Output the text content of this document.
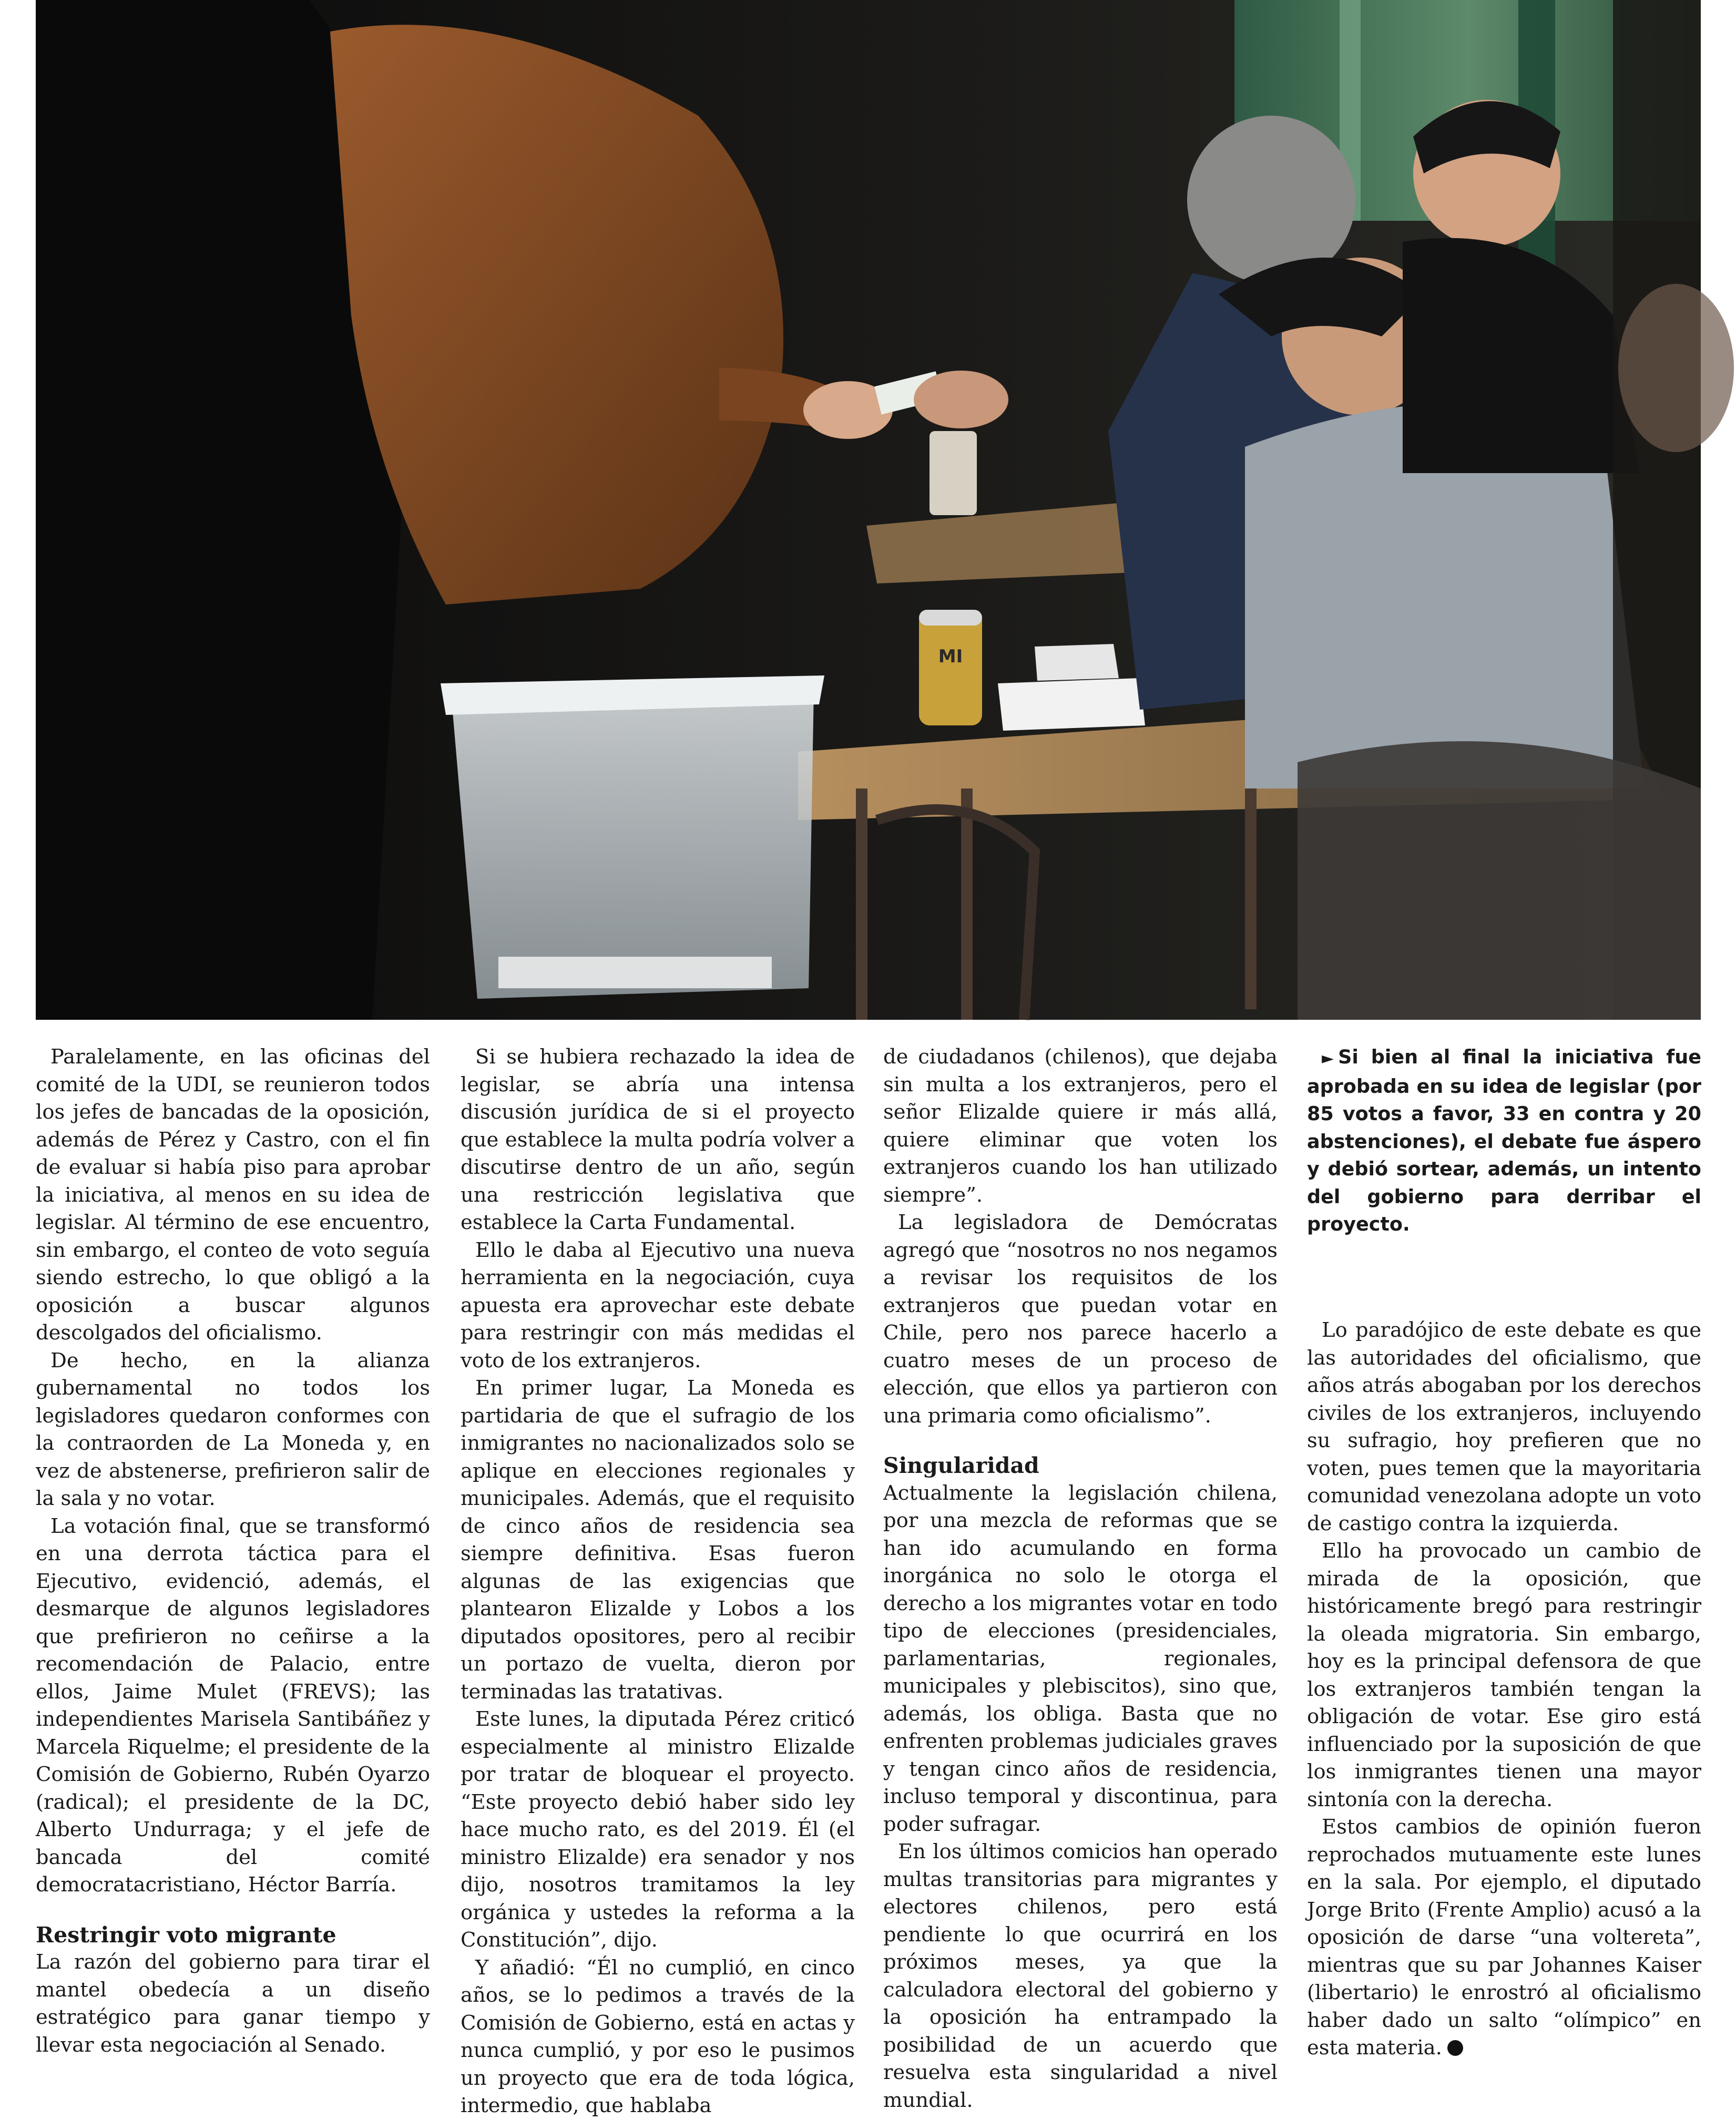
MI

Paralelamente, en las oficinas del comité de la UDI, se reunieron todos los jefes de bancadas de la oposición, además de Pérez y Castro, con el fin de evaluar si había piso para aprobar la iniciativa, al menos en su idea de legislar. Al término de ese encuentro, sin embargo, el conteo de voto seguía siendo estrecho, lo que obligó a la oposición a buscar algunos descolgados del oficialismo.

De hecho, en la alianza gubernamental no todos los legisladores quedaron conformes con la contraorden de La Moneda y, en vez de abstenerse, prefirieron salir de la sala y no votar.

La votación final, que se transformó en una derrota táctica para el Ejecutivo, evidenció, además, el desmarque de algunos legisladores que prefirieron no ceñirse a la recomendación de Palacio, entre ellos, Jaime Mulet (FREVS); las independientes Marisela Santibáñez y Marcela Riquelme; el presidente de la Comisión de Gobierno, Rubén Oyarzo (radical); el presidente de la DC, Alberto Undurraga; y el jefe de bancada del comité democratacristiano, Héctor Barría.

Restringir voto migrante

La razón del gobierno para tirar el mantel obedecía a un diseño estratégico para ganar tiempo y llevar esta negociación al Senado.

Si se hubiera rechazado la idea de legislar, se abría una intensa discusión jurídica de si el proyecto que establece la multa podría volver a discutirse dentro de un año, según una restricción legislativa que establece la Carta Fundamental.

Ello le daba al Ejecutivo una nueva herramienta en la negociación, cuya apuesta era aprovechar este debate para restringir con más medidas el voto de los extranjeros.

En primer lugar, La Moneda es partidaria de que el sufragio de los inmigrantes no nacionalizados solo se aplique en elecciones regionales y municipales. Además, que el requisito de cinco años de residencia sea siempre definitiva. Esas fueron algunas de las exigencias que plantearon Elizalde y Lobos a los diputados opositores, pero al recibir un portazo de vuelta, dieron por terminadas las tratativas.

Este lunes, la diputada Pérez criticó especialmente al ministro Elizalde por tratar de bloquear el proyecto. “Este proyecto debió haber sido ley hace mucho rato, es del 2019. Él (el ministro Elizalde) era senador y nos dijo, nosotros tramitamos la ley orgánica y ustedes la reforma a la Constitución”, dijo.

Y añadió: “Él no cumplió, en cinco años, se lo pedimos a través de la Comisión de Gobierno, está en actas y nunca cumplió, y por eso le pusimos un proyecto que era de toda lógica, intermedio, que hablaba

de ciudadanos (chilenos), que dejaba sin multa a los extranjeros, pero el señor Elizalde quiere ir más allá, quiere eliminar que voten los extranjeros cuando los han utilizado siempre”.

La legisladora de Demócratas agregó que “nosotros no nos negamos a revisar los requisitos de los extranjeros que puedan votar en Chile, pero nos parece hacerlo a cuatro meses de un proceso de elección, que ellos ya partieron con una primaria como oficialismo”.

Singularidad

Actualmente la legislación chilena, por una mezcla de reformas que se han ido acumulando en forma inorgánica no solo le otorga el derecho a los migrantes votar en todo tipo de elecciones (presidenciales, parlamentarias, regionales, municipales y plebiscitos), sino que, además, los obliga. Basta que no enfrenten problemas judiciales graves y tengan cinco años de residencia, incluso temporal y discontinua, para poder sufragar.

En los últimos comicios han operado multas transitorias para migrantes y electores chilenos, pero está pendiente lo que ocurrirá en los próximos meses, ya que la calculadora electoral del gobierno y la oposición ha entrampado la posibilidad de un acuerdo que resuelva esta singularidad a nivel mundial.

► Si bien al final la iniciativa fue aprobada en su idea de legislar (por 85 votos a favor, 33 en contra y 20 abstenciones), el debate fue áspero y debió sortear, además, un intento del gobierno para derribar el proyecto.

Lo paradójico de este debate es que las autoridades del oficialismo, que años atrás abogaban por los derechos civiles de los extranjeros, incluyendo su sufragio, hoy prefieren que no voten, pues temen que la mayoritaria comunidad venezolana adopte un voto de castigo contra la izquierda.

Ello ha provocado un cambio de mirada de la oposición, que históricamente bregó para restringir la oleada migratoria. Sin embargo, hoy es la principal defensora de que los extranjeros también tengan la obligación de votar. Ese giro está influenciado por la suposición de que los inmigrantes tienen una mayor sintonía con la derecha.

Estos cambios de opinión fueron reprochados mutuamente este lunes en la sala. Por ejemplo, el diputado Jorge Brito (Frente Amplio) acusó a la oposición de darse “una voltereta”, mientras que su par Johannes Kaiser (libertario) le enrostró al oficialismo haber dado un salto “olímpico” en esta materia.
